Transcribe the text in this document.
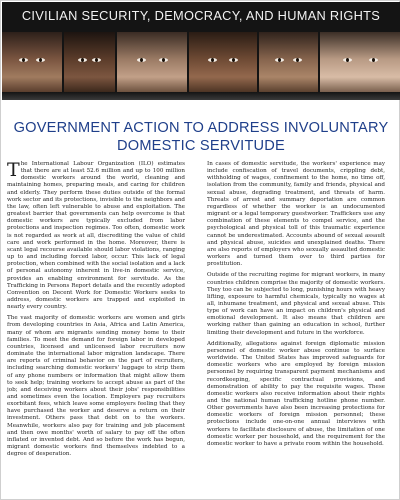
CIVILIAN SECURITY, DEMOCRACY, AND HUMAN RIGHTS
GOVERNMENT ACTION TO ADDRESS INVOLUNTARY
DOMESTIC SERVITUDE

The International Labour Organization (ILO) estimates that there are at least 52.6 million and up to 100 million domestic workers around the world, cleaning and maintaining homes, preparing meals, and caring for children and elderly. They perform these duties outside of the formal work sector and its protections, invisible to the neighbors and the law, often left vulnerable to abuse and exploitation. The greatest barrier that governments can help overcome is that domestic workers are typically excluded from labor protections and inspection regimes. Too often, domestic work is not regarded as work at all, discrediting the value of child care and work performed in the home. Moreover, there is scant legal recourse available should labor violations, ranging up to and including forced labor, occur. This lack of legal protection, when combined with the social isolation and a lack of personal autonomy inherent in live-in domestic service, provides an enabling environment for servitude. As the Trafficking in Persons Report details and the recently adopted Convention on Decent Work for Domestic Workers seeks to address, domestic workers are trapped and exploited in nearly every country.

The vast majority of domestic workers are women and girls from developing countries in Asia, Africa and Latin America, many of whom are migrants sending money home to their families. To meet the demand for foreign labor in developed countries, licensed and unlicensed labor recruiters now dominate the international labor migration landscape. There are reports of criminal behavior on the part of recruiters, including searching domestic workers' luggage to strip them of any phone numbers or information that might allow them to seek help; training workers to accept abuse as part of the job; and deceiving workers about their jobs' responsibilities and sometimes even the location. Employers pay recruiters exorbitant fees, which leave some employers feeling that they have purchased the worker and deserve a return on their investment. Others pass that debt on to the workers. Meanwhile, workers also pay for training and job placement and then owe months' worth of salary to pay off the often inflated or invented debt. And so before the work has begun, migrant domestic workers find themselves indebted to a degree of desperation.

In cases of domestic servitude, the workers' experience may include confiscation of travel documents, crippling debt, withholding of wages, confinement to the home, no time off, isolation from the community, family and friends, physical and sexual abuse, degrading treatment, and threats of harm. Threats of arrest and summary deportation are common regardless of whether the worker is an undocumented migrant or a legal temporary guestworker. Traffickers use any combination of these elements to compel service, and the psychological and physical toll of this traumatic experience cannot be underestimated. Accounts abound of sexual assault and physical abuse, suicides and unexplained deaths. There are also reports of employers who sexually assaulted domestic workers and turned them over to third parties for prostitution.

Outside of the recruiting regime for migrant workers, in many countries children comprise the majority of domestic workers. They too can be subjected to long, punishing hours with heavy lifting, exposure to harmful chemicals, typically no wages at all, inhumane treatment, and physical and sexual abuse. This type of work can have an impact on children's physical and emotional development. It also means that children are working rather than gaining an education in school, further limiting their development and future in the workforce.

Additionally, allegations against foreign diplomatic mission personnel of domestic worker abuse continue to surface worldwide. The United States has improved safeguards for domestic workers who are employed by foreign mission personnel by requiring transparent payment mechanisms and recordkeeping, specific contractual provisions, and demonstration of ability to pay the requisite wages. These domestic workers also receive information about their rights and the national human trafficking hotline phone number. Other governments have also been increasing protections for domestic workers of foreign mission personnel; these protections include one-on-one annual interviews with workers to facilitate disclosure of abuse, the limitation of one domestic worker per household, and the requirement for the domestic worker to have a private room within the household.
